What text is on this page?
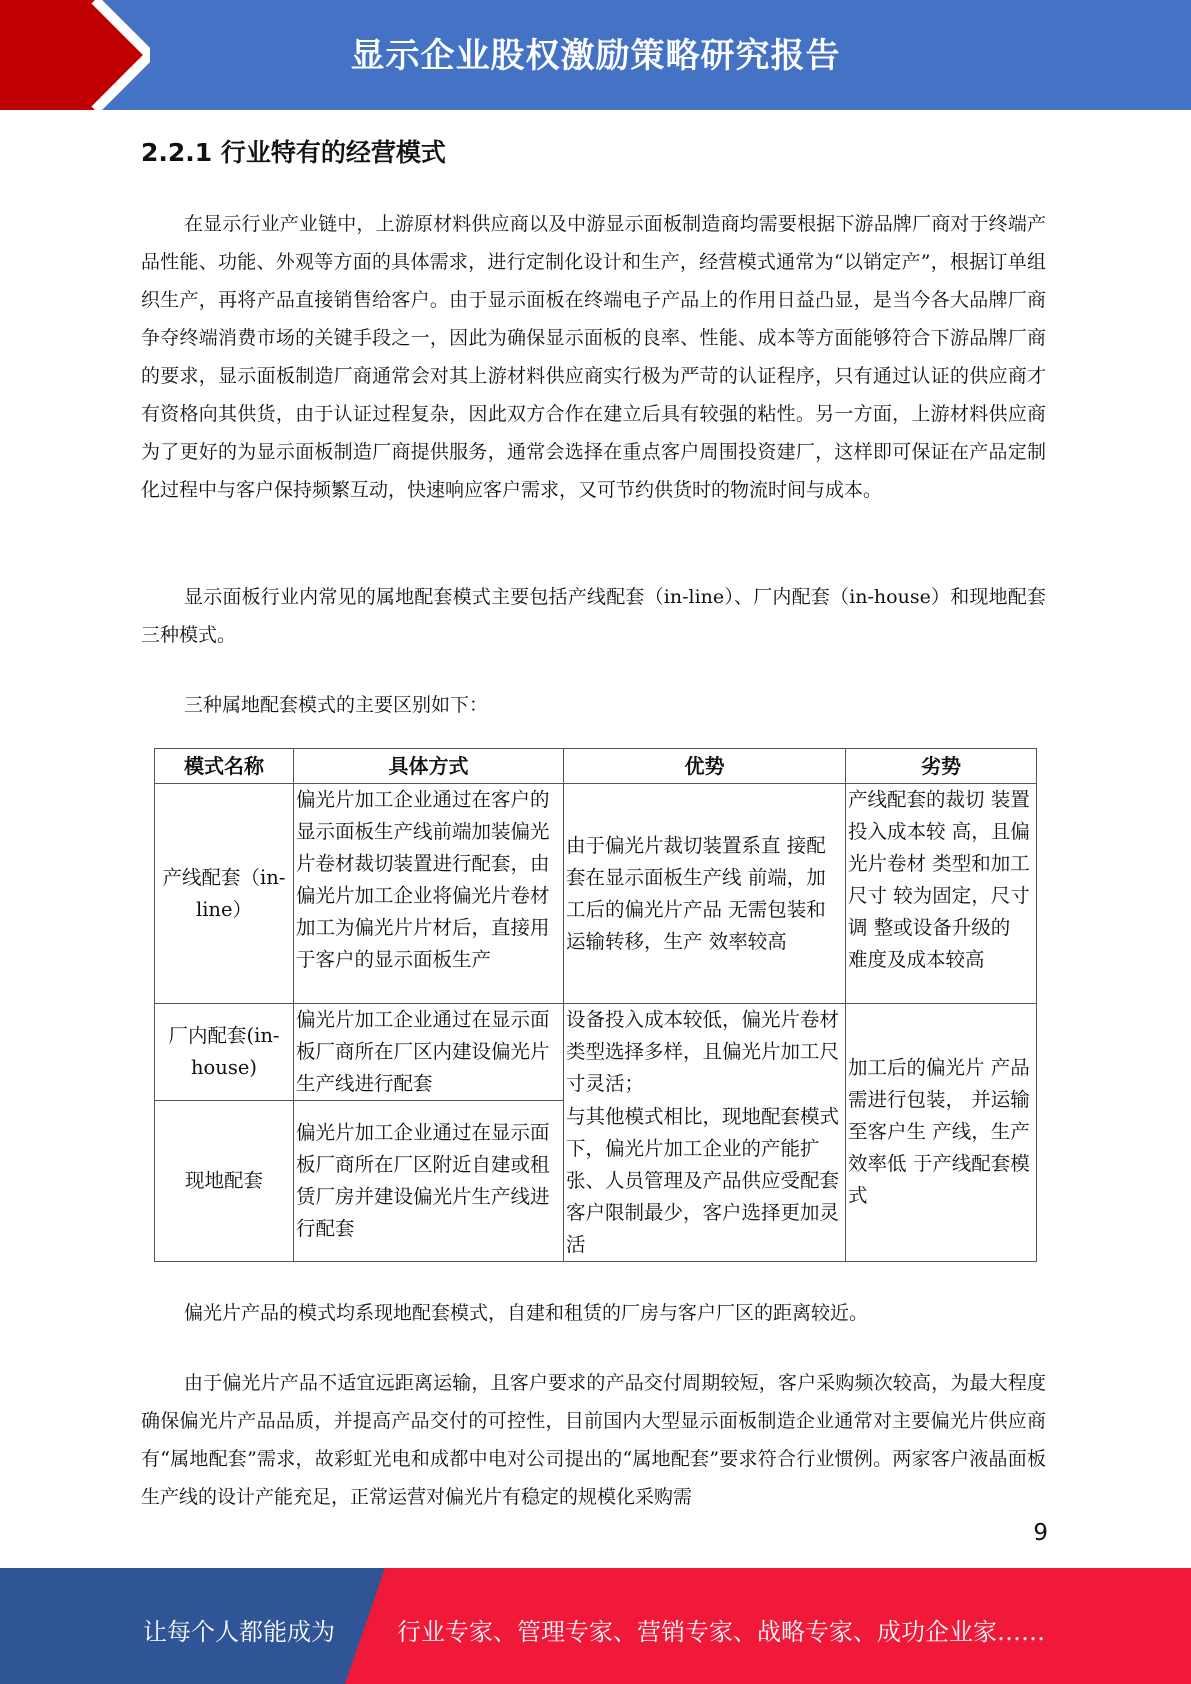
显示企业股权激励策略研究报告
2.2.1 行业特有的经营模式
在显示行业产业链中，上游原材料供应商以及中游显示面板制造商均需要根据下游品牌厂商对于终端产品性能、功能、外观等方面的具体需求，进行定制化设计和生产，经营模式通常为“以销定产”，根据订单组织生产，再将产品直接销售给客户。由于显示面板在终端电子产品上的作用日益凸显，是当今各大品牌厂商争夺终端消费市场的关键手段之一，因此为确保显示面板的良率、性能、成本等方面能够符合下游品牌厂商的要求，显示面板制造厂商通常会对其上游材料供应商实行极为严苛的认证程序，只有通过认证的供应商才有资格向其供货，由于认证过程复杂，因此双方合作在建立后具有较强的粘性。另一方面，上游材料供应商为了更好的为显示面板制造厂商提供服务，通常会选择在重点客户周围投资建厂，这样即可保证在产品定制化过程中与客户保持频繁互动，快速响应客户需求，又可节约供货时的物流时间与成本。
显示面板行业内常见的属地配套模式主要包括产线配套（in-line）、厂内配套（in-house）和现地配套三种模式。
三种属地配套模式的主要区别如下：
模式名称	具体方式	优势	劣势
产线配套（in-line）	偏光片加工企业通过在客户的显示面板生产线前端加装偏光片卷材裁切装置进行配套，由偏光片加工企业将偏光片卷材加工为偏光片片材后，直接用于客户的显示面板生产	由于偏光片裁切装置系直 接配套在显示面板生产线 前端，加工后的偏光片产品 无需包装和运输转移，生产 效率较高	产线配套的裁切 装置投入成本较 高，且偏光片卷材 类型和加工尺寸 较为固定，尺寸调 整或设备升级的 难度及成本较高
厂内配套(in-house)	偏光片加工企业通过在显示面板厂商所在厂区内建设偏光片生产线进行配套	设备投入成本较低，偏光片卷材类型选择多样，且偏光片加工尺寸灵活；	加工后的偏光片 产品需进行包装， 并运输至客户生 产线，生产效率低 于产线配套模式
现地配套	偏光片加工企业通过在显示面板厂商所在厂区附近自建或租赁厂房并建设偏光片生产线进行配套	与其他模式相比，现地配套模式下，偏光片加工企业的产能扩张、人员管理及产品供应受配套客户限制最少，客户选择更加灵活	
偏光片产品的模式均系现地配套模式，自建和租赁的厂房与客户厂区的距离较近。
由于偏光片产品不适宜远距离运输，且客户要求的产品交付周期较短，客户采购频次较高，为最大程度确保偏光片产品品质，并提高产品交付的可控性，目前国内大型显示面板制造企业通常对主要偏光片供应商有“属地配套”需求，故彩虹光电和成都中电对公司提出的“属地配套”要求符合行业惯例。两家客户液晶面板生产线的设计产能充足，正常运营对偏光片有稳定的规模化采购需
9
让每个人都能成为	行业专家、管理专家、营销专家、战略专家、成功企业家……
